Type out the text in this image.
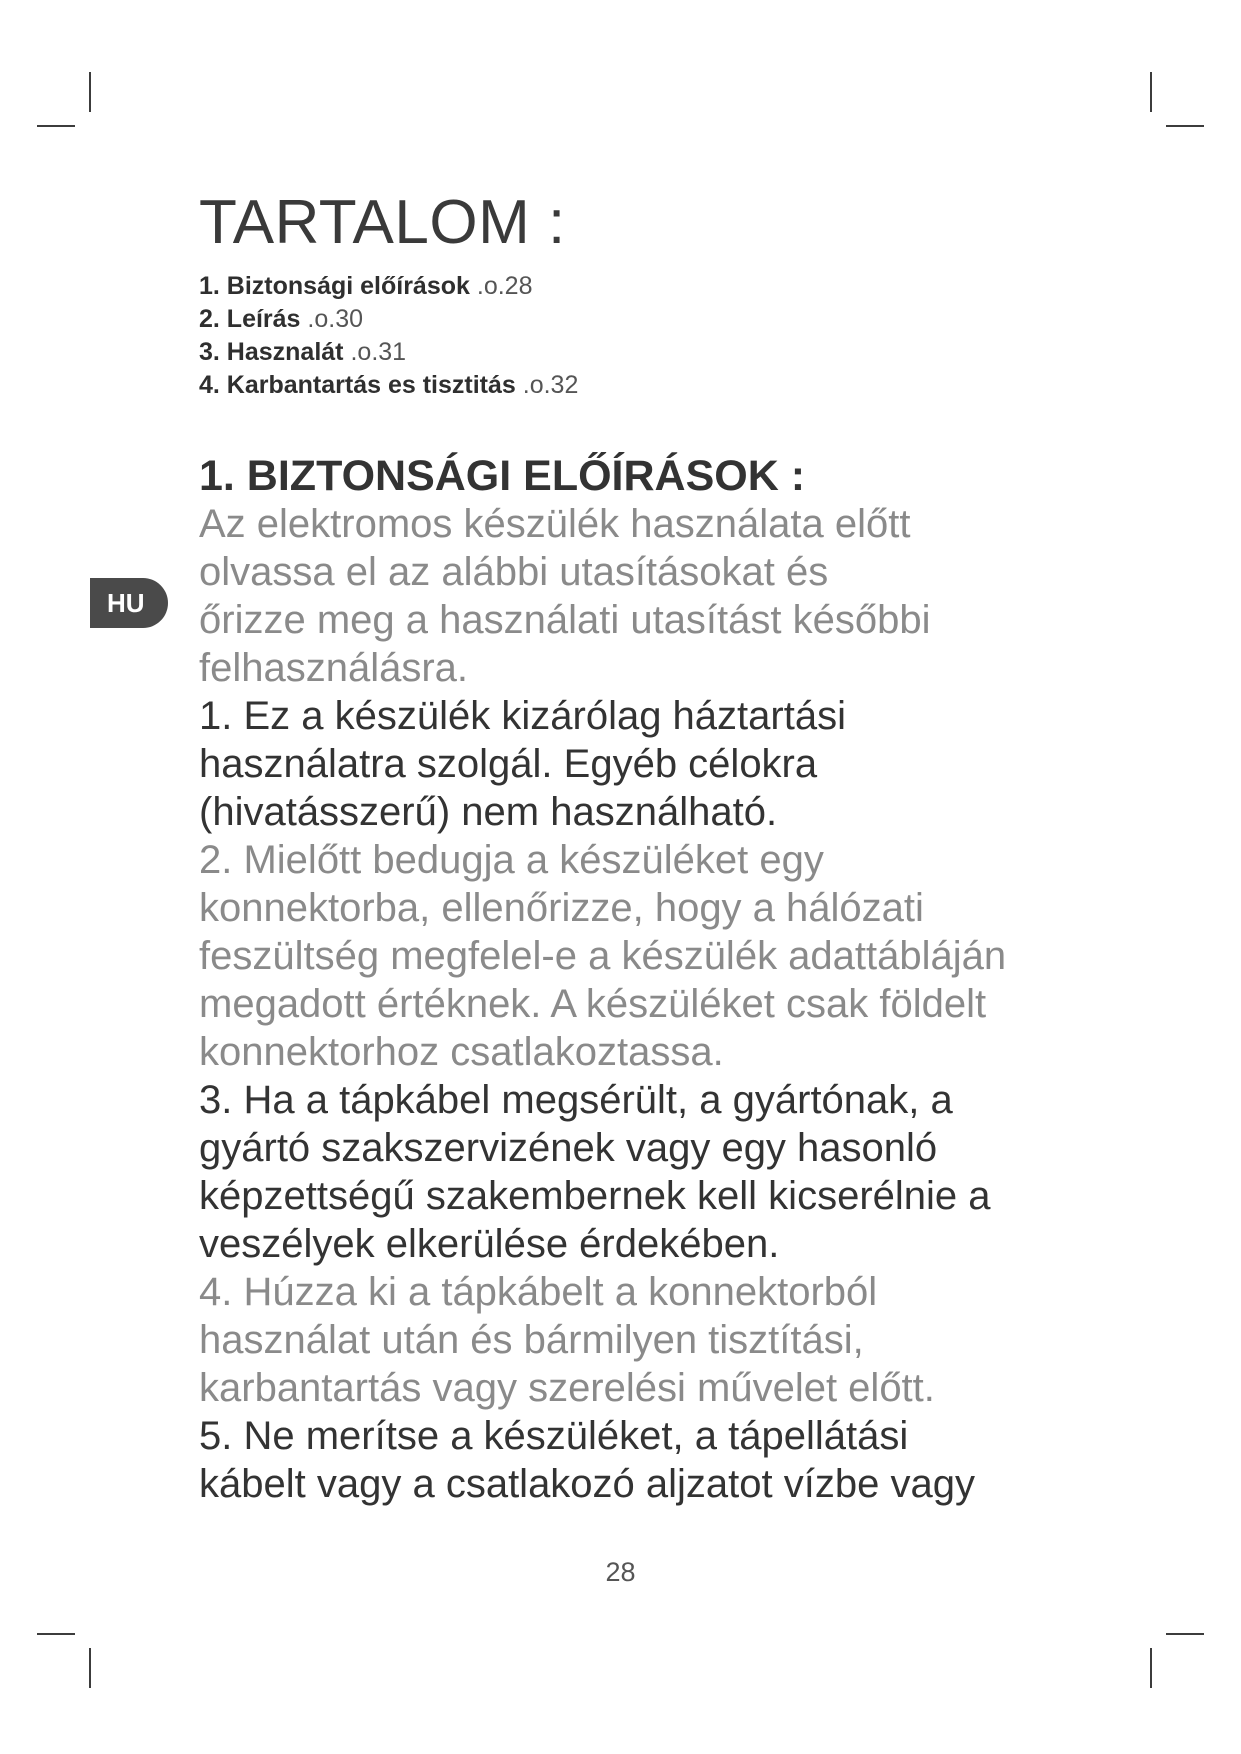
HU
TARTALOM :
1. Biztonsági előírások .o.28
2. Leírás .o.30
3. Hasznalát .o.31
4. Karbantartás es tisztitás .o.32
1. BIZTONSÁGI ELŐÍRÁSOK :

Az elektromos készülék használata előtt
olvassa el az alábbi utasításokat és
őrizze meg a használati utasítást későbbi
felhasználásra.

1. Ez a készülék kizárólag háztartási
használatra szolgál. Egyéb célokra
(hivatásszerű) nem használható.

2. Mielőtt bedugja a készüléket egy
konnektorba, ellenőrizze, hogy a hálózati
feszültség megfelel-e a készülék adattábláján
megadott értéknek. A készüléket csak földelt
konnektorhoz csatlakoztassa.

3. Ha a tápkábel megsérült, a gyártónak, a
gyártó szakszervizének vagy egy hasonló
képzettségű szakembernek kell kicserélnie a
veszélyek elkerülése érdekében.

4. Húzza ki a tápkábelt a konnektorból
használat után és bármilyen tisztítási,
karbantartás vagy szerelési művelet előtt.

5. Ne merítse a készüléket, a tápellátási
kábelt vagy a csatlakozó aljzatot vízbe vagy

28
